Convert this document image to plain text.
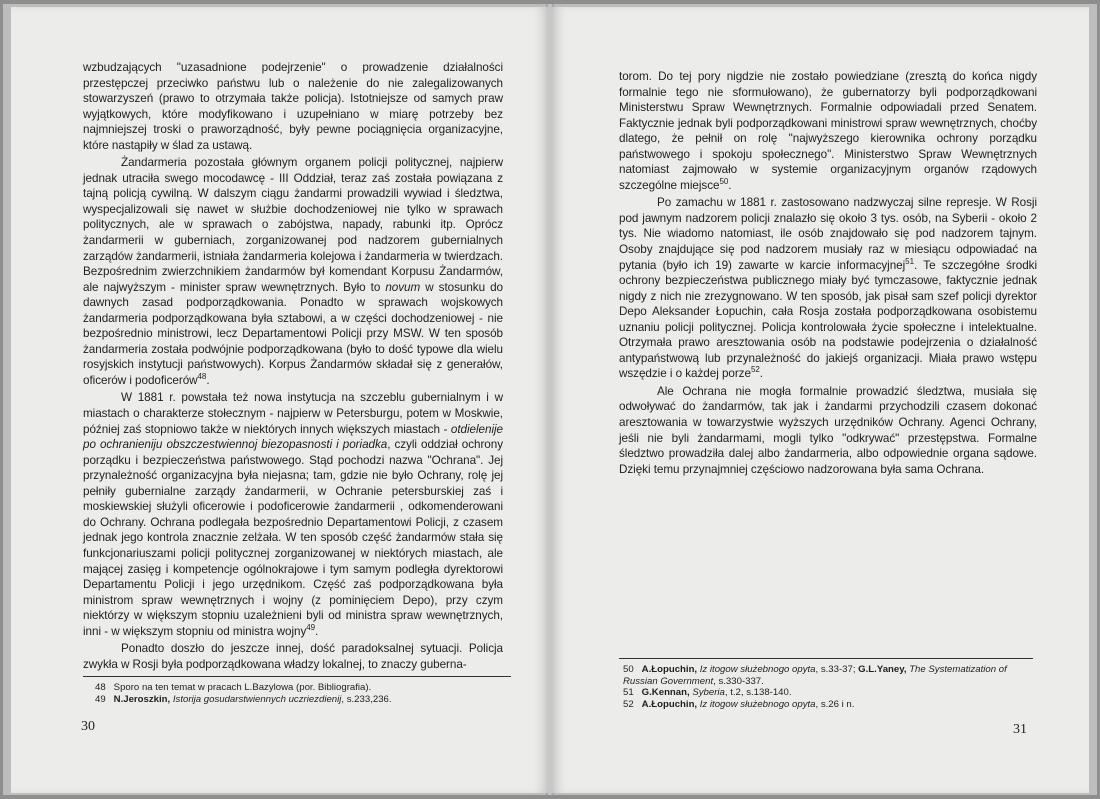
wzbudzających "uzasadnione podejrzenie" o prowadzenie działalności przestępczej przeciwko państwu lub o należenie do nie zalegalizowanych stowarzyszeń (prawo to otrzymała także policja). Istotniejsze od samych praw wyjątkowych, które modyfikowano i uzupełniano w miarę potrzeby bez najmniejszej troski o praworządność, były pewne pociągnięcia organizacyjne, które nastąpiły w ślad za ustawą.

Żandarmeria pozostała głównym organem policji politycznej, najpierw jednak utraciła swego mocodawcę - III Oddział, teraz zaś została powiązana z tajną policją cywilną. W dalszym ciągu żandarmi prowadzili wywiad i śledztwa, wyspecjalizowali się nawet w służbie dochodzeniowej nie tylko w sprawach politycznych, ale w sprawach o zabójstwa, napady, rabunki itp. Oprócz żandarmerii w guberniach, zorganizowanej pod nadzorem gubernialnych zarządów żandarmerii, istniała żandarmeria kolejowa i żandarmeria w twierdzach. Bezpośrednim zwierzchnikiem żandarmów był komendant Korpusu Żandarmów, ale najwyższym - minister spraw wewnętrznych. Było to novum w stosunku do dawnych zasad podporządkowania. Ponadto w sprawach wojskowych żandarmeria podporządkowana była sztabowi, a w części dochodzeniowej - nie bezpośrednio ministrowi, lecz Departamentowi Policji przy MSW. W ten sposób żandarmeria została podwójnie podporządkowana (było to dość typowe dla wielu rosyjskich instytucji państwowych). Korpus Żandarmów składał się z generałów, oficerów i podoficerów$^{48}$.

W 1881 r. powstała też nowa instytucja na szczeblu gubernialnym i w miastach o charakterze stołecznym - najpierw w Petersburgu, potem w Moskwie, później zaś stopniowo także w niektórych innych większych miastach - otdielenije po ochranieniju obszczestwiennoj biezopasnosti i poriadka, czyli oddział ochrony porządku i bezpieczeństwa państwowego. Stąd pochodzi nazwa "Ochrana". Jej przynależność organizacyjna była niejasna; tam, gdzie nie było Ochrany, rolę jej pełniły gubernialne zarządy żandarmerii, w Ochranie petersburskiej zaś i moskiewskiej służyli oficerowie i podoficerowie żandarmerii , odkomenderowani do Ochrany. Ochrana podlegała bezpośrednio Departamentowi Policji, z czasem jednak jego kontrola znacznie zelżała. W ten sposób część żandarmów stała się funkcjonariuszami policji politycznej zorganizowanej w niektórych miastach, ale mającej zasięg i kompetencje ogólnokrajowe i tym samym podległa dyrektorowi Departamentu Policji i jego urzędnikom. Część zaś podporządkowana była ministrom spraw wewnętrznych i wojny (z pominięciem Depo), przy czym niektórzy w większym stopniu uzależnieni byli od ministra spraw wewnętrznych, inni - w większym stopniu od ministra wojny$^{49}$.

Ponadto doszło do jeszcze innej, dość paradoksalnej sytuacji. Policja zwykła w Rosji była podporządkowana władzy lokalnej, to znaczy guberna-

48 Sporo na ten temat w pracach L.Bazylowa (por. Bibliografia).

49 N.Jeroszkin, Istorija gosudarstwiennych uczriezdienij, s.233,236.

30

torom. Do tej pory nigdzie nie zostało powiedziane (zresztą do końca nigdy formalnie tego nie sformułowano), że gubernatorzy byli podporządkowani Ministerstwu Spraw Wewnętrznych. Formalnie odpowiadali przed Senatem. Faktycznie jednak byli podporządkowani ministrowi spraw wewnętrznych, choćby dlatego, że pełnił on rolę "najwyższego kierownika ochrony porządku państwowego i spokoju społecznego". Ministerstwo Spraw Wewnętrznych natomiast zajmowało w systemie organizacyjnym organów rządowych szczególne miejsce$^{50}$.

Po zamachu w 1881 r. zastosowano nadzwyczaj silne represje. W Rosji pod jawnym nadzorem policji znalazło się około 3 tys. osób, na Syberii - około 2 tys. Nie wiadomo natomiast, ile osób znajdowało się pod nadzorem tajnym. Osoby znajdujące się pod nadzorem musiały raz w miesiącu odpowiadać na pytania (było ich 19) zawarte w karcie informacyjnej$^{51}$. Te szczegółne środki ochrony bezpieczeństwa publicznego miały być tymczasowe, faktycznie jednak nigdy z nich nie zrezygnowano. W ten sposób, jak pisał sam szef policji dyrektor Depo Aleksander Łopuchin, cała Rosja została podporządkowana osobistemu uznaniu policji politycznej. Policja kontrolowała życie społeczne i intelektualne. Otrzymała prawo aresztowania osób na podstawie podejrzenia o działalność antypaństwową lub przynależność do jakiejś organizacji. Miała prawo wstępu wszędzie i o każdej porze$^{52}$.

Ale Ochrana nie mogła formalnie prowadzić śledztwa, musiała się odwoływać do żandarmów, tak jak i żandarmi przychodzili czasem dokonać aresztowania w towarzystwie wyższych urzędników Ochrany. Agenci Ochrany, jeśli nie byli żandarmami, mogli tylko "odkrywać" przestępstwa. Formalne śledztwo prowadziła dalej albo żandarmeria, albo odpowiednie organa sądowe. Dzięki temu przynajmniej częściowo nadzorowana była sama Ochrana.

50 A.Łopuchin, Iz itogow służebnogo opyta, s.33-37; G.L.Yaney, The Systematization of Russian Government, s.330-337.

51 G.Kennan, Syberia, t.2, s.138-140.

52 A.Łopuchin, Iz itogow służebnogo opyta, s.26 i n.

31
